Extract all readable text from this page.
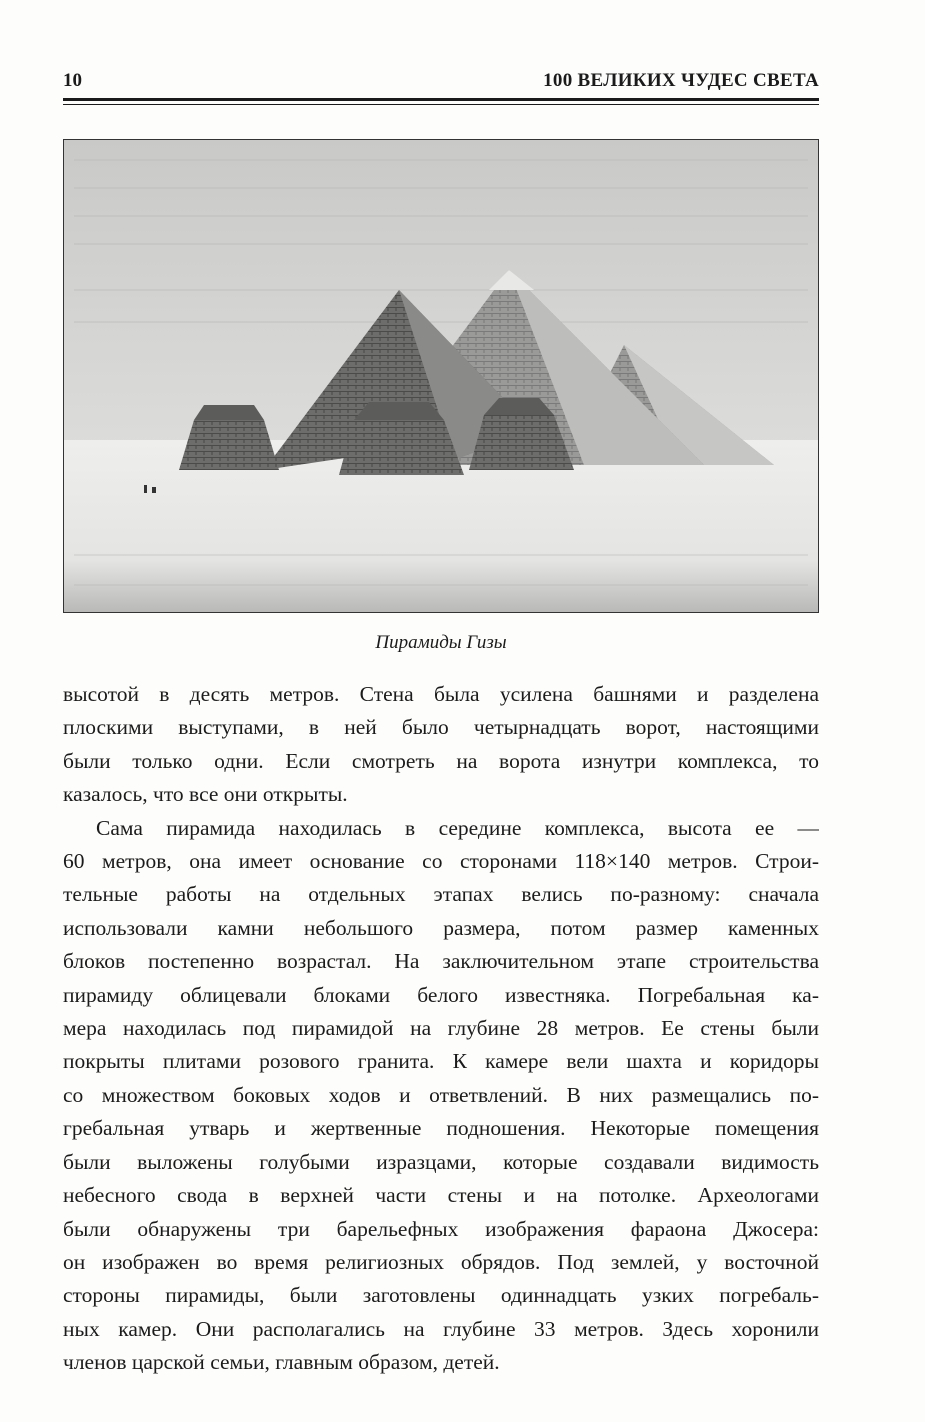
10	100 ВЕЛИКИХ ЧУДЕС СВЕТА
Пирамиды Гизы
высотой в десять метров. Стена была усилена башнями и разделена
плоскими выступами, в ней было четырнадцать ворот, настоящими
были только одни. Если смотреть на ворота изнутри комплекса, то
казалось, что все они открыты.
Сама пирамида находилась в середине комплекса, высота ее —
60 метров, она имеет основание со сторонами 118×140 метров. Строи-
тельные работы на отдельных этапах велись по-разному: сначала
использовали камни небольшого размера, потом размер каменных
блоков постепенно возрастал. На заключительном этапе строительства
пирамиду облицевали блоками белого известняка. Погребальная ка-
мера находилась под пирамидой на глубине 28 метров. Ее стены были
покрыты плитами розового гранита. К камере вели шахта и коридоры
со множеством боковых ходов и ответвлений. В них размещались по-
гребальная утварь и жертвенные подношения. Некоторые помещения
были выложены голубыми изразцами, которые создавали видимость
небесного свода в верхней части стены и на потолке. Археологами
были обнаружены три барельефных изображения фараона Джосера:
он изображен во время религиозных обрядов. Под землей, у восточной
стороны пирамиды, были заготовлены одиннадцать узких погребаль-
ных камер. Они располагались на глубине 33 метров. Здесь хоронили
членов царской семьи, главным образом, детей.
